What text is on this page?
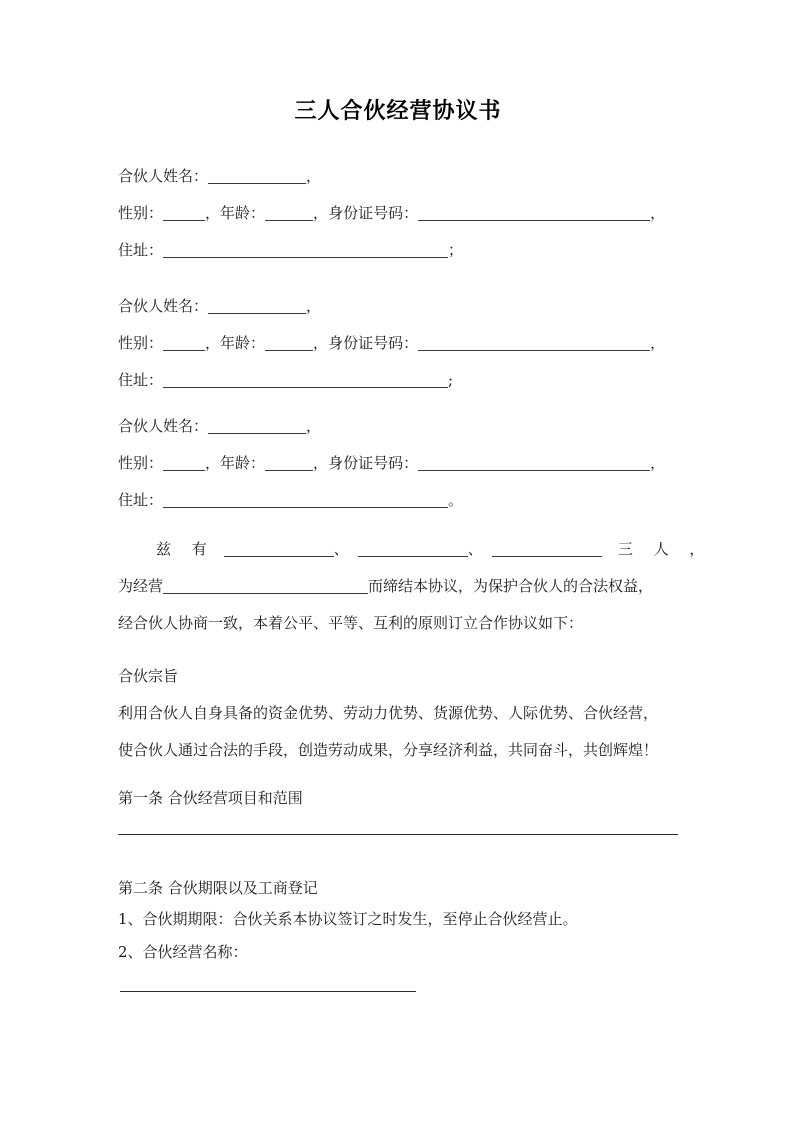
三人合伙经营协议书
合伙人姓名：	，
性别：	，年龄：	，身份证号码：	，
住址：	；
合伙人姓名：	，
性别：	，年龄：	，身份证号码：	，
住址：	;
合伙人姓名：	，
性别：	，年龄：	，身份证号码：	，
住址：	。
兹 有	、	、	三 人 ，
为经营	而缔结本协议，为保护合伙人的合法权益，
经合伙人协商一致，本着公平、平等、互利的原则订立合作协议如下：
合伙宗旨
利用合伙人自身具备的资金优势、劳动力优势、货源优势、人际优势、合伙经营，
使合伙人通过合法的手段，创造劳动成果，分享经济利益，共同奋斗，共创辉煌！
第一条 合伙经营项目和范围
第二条 合伙期限以及工商登记
1、合伙期期限：合伙关系本协议签订之时发生，至停止合伙经营止。
2、合伙经营名称：
